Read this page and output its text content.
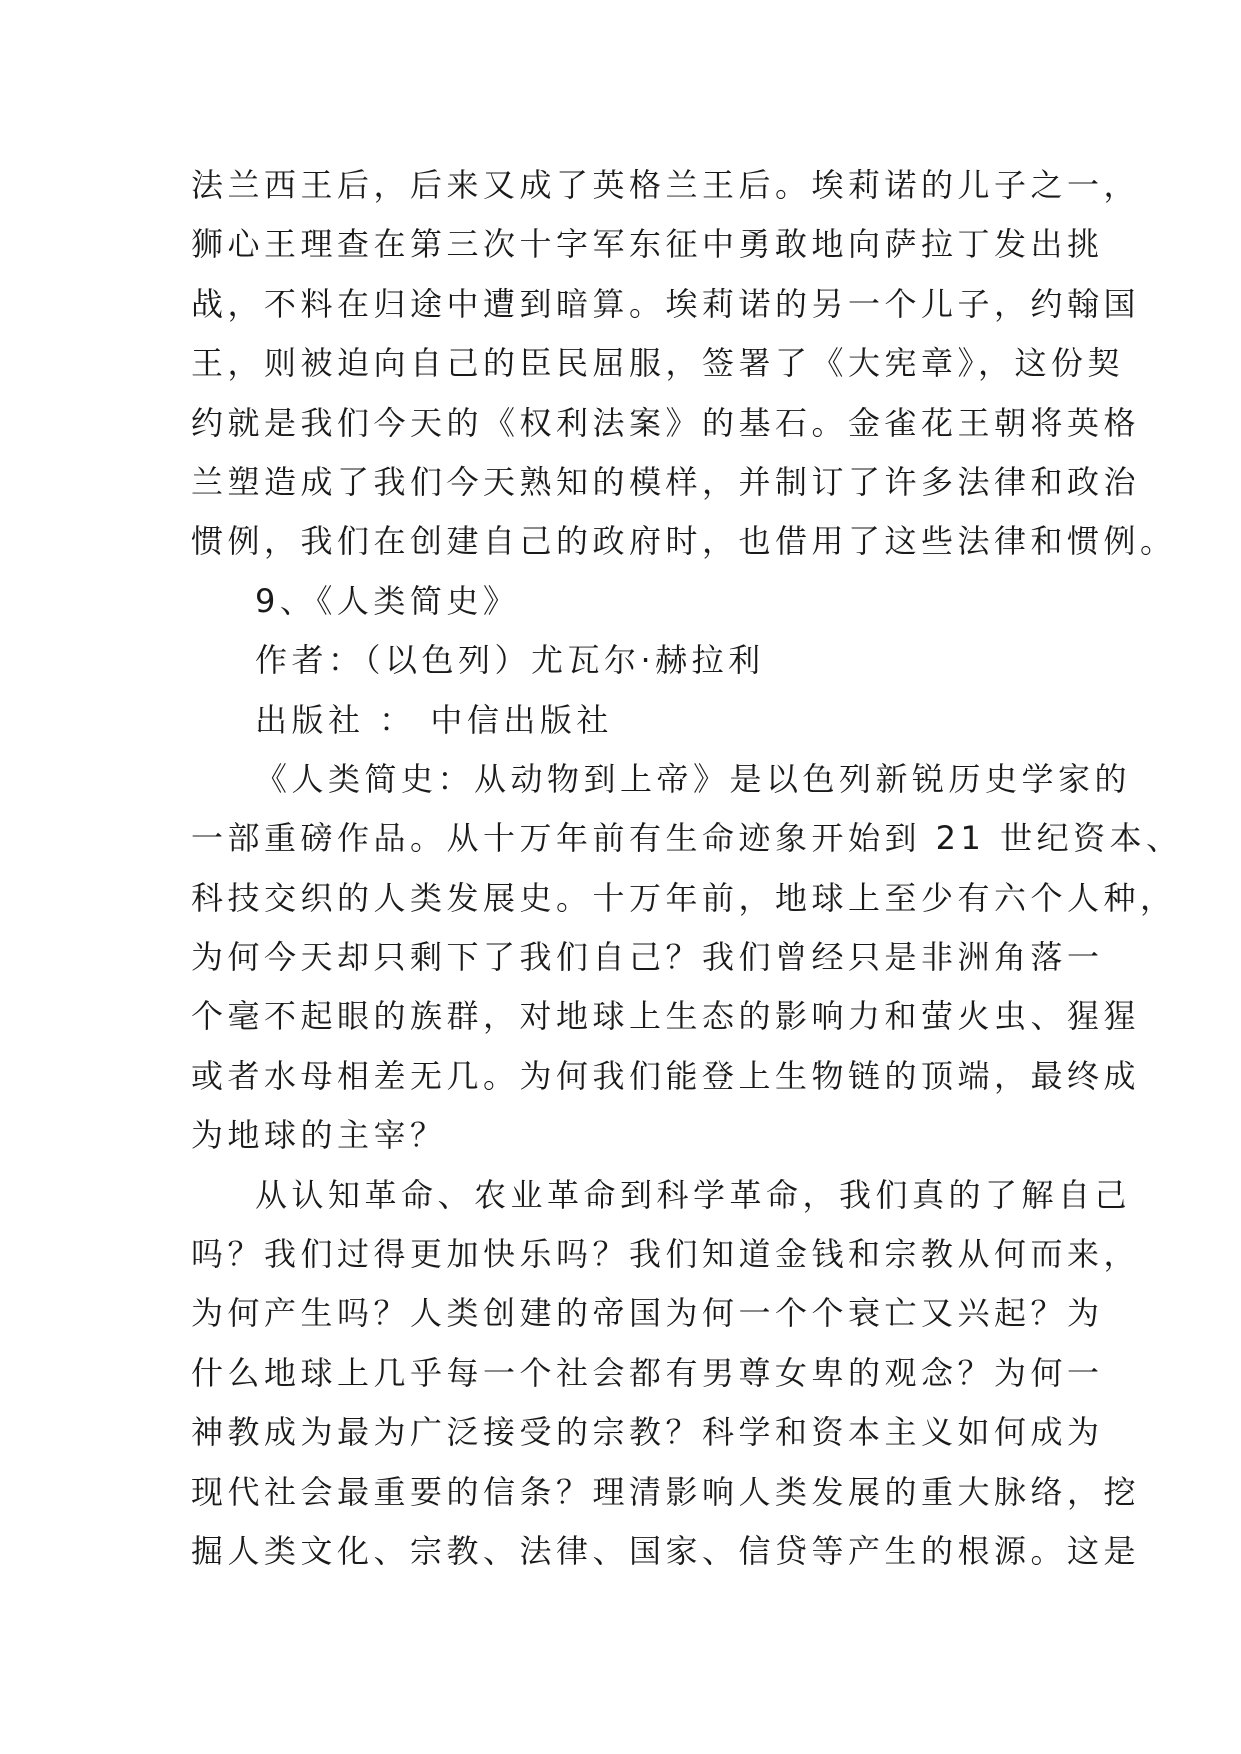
法兰西王后，后来又成了英格兰王后。埃莉诺的儿子之一，
狮心王理查在第三次十字军东征中勇敢地向萨拉丁发出挑
战，不料在归途中遭到暗算。埃莉诺的另一个儿子，约翰国
王，则被迫向自己的臣民屈服，签署了《大宪章》，这份契
约就是我们今天的《权利法案》的基石。金雀花王朝将英格
兰塑造成了我们今天熟知的模样，并制订了许多法律和政治
惯例，我们在创建自己的政府时，也借用了这些法律和惯例。
9、《人类简史》
作者：（以色列）尤瓦尔·赫拉利
出版社 ： 中信出版社
《人类简史：从动物到上帝》是以色列新锐历史学家的
一部重磅作品。从十万年前有生命迹象开始到 21 世纪资本、
科技交织的人类发展史。十万年前，地球上至少有六个人种，
为何今天却只剩下了我们自己？我们曾经只是非洲角落一
个毫不起眼的族群，对地球上生态的影响力和萤火虫、猩猩
或者水母相差无几。为何我们能登上生物链的顶端，最终成
为地球的主宰？
从认知革命、农业革命到科学革命，我们真的了解自己
吗？我们过得更加快乐吗？我们知道金钱和宗教从何而来，
为何产生吗？人类创建的帝国为何一个个衰亡又兴起？为
什么地球上几乎每一个社会都有男尊女卑的观念？为何一
神教成为最为广泛接受的宗教？科学和资本主义如何成为
现代社会最重要的信条？理清影响人类发展的重大脉络，挖
掘人类文化、宗教、法律、国家、信贷等产生的根源。这是
